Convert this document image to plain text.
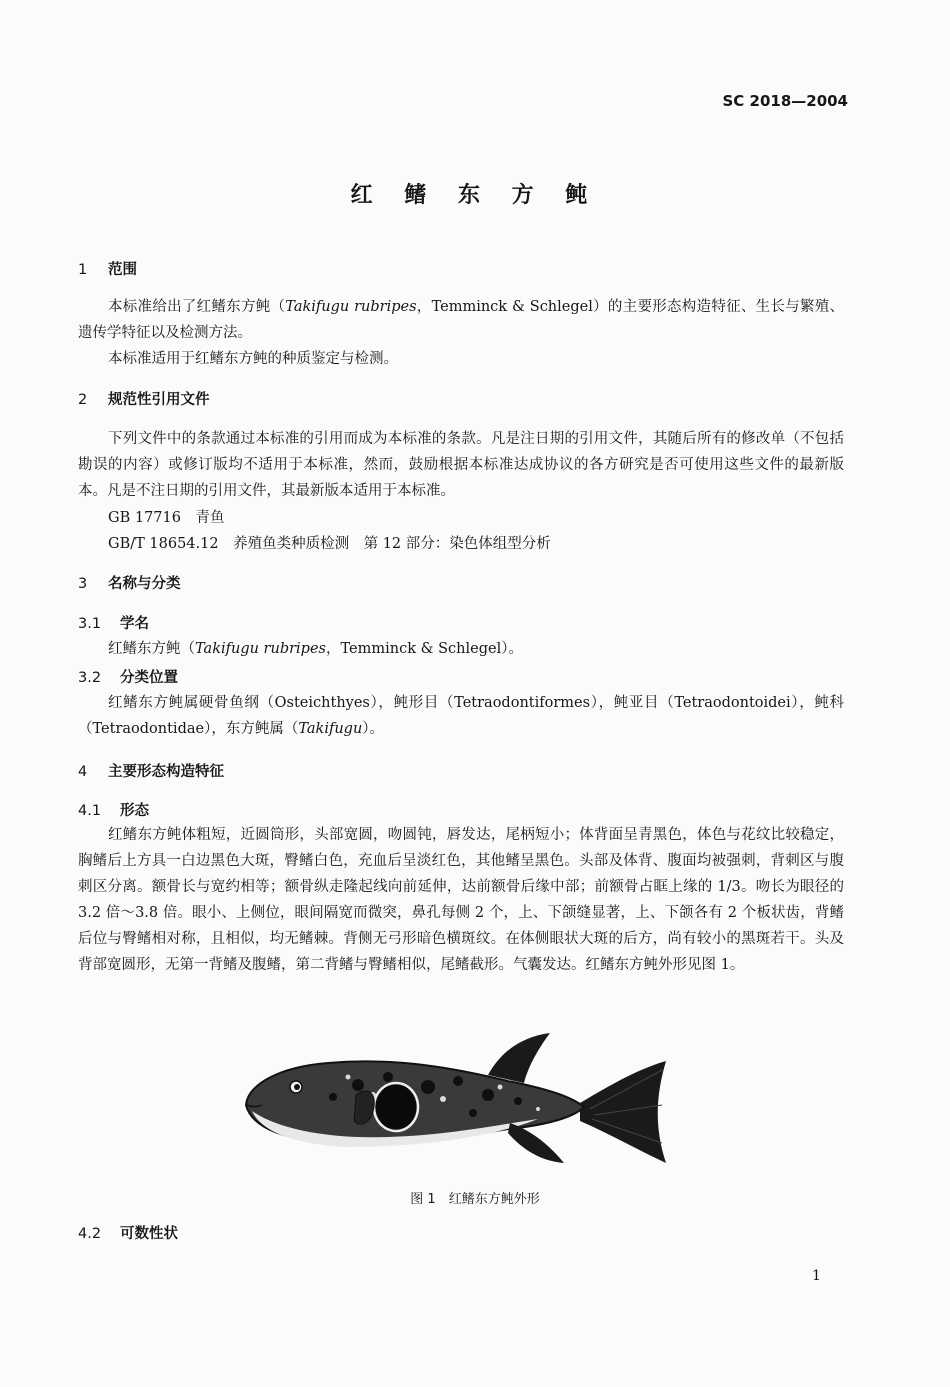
SC 2018—2004
红 鳍 东 方 鲀
1 范围
本标准给出了红鳍东方鲀（Takifugu rubripes，Temminck & Schlegel）的主要形态构造特征、生长与繁殖、遗传学特征以及检测方法。
本标准适用于红鳍东方鲀的种质鉴定与检测。
2 规范性引用文件
下列文件中的条款通过本标准的引用而成为本标准的条款。凡是注日期的引用文件，其随后所有的修改单（不包括勘误的内容）或修订版均不适用于本标准，然而，鼓励根据本标准达成协议的各方研究是否可使用这些文件的最新版本。凡是不注日期的引用文件，其最新版本适用于本标准。
GB 17716　 青鱼
GB/T 18654.12　 养殖鱼类种质检测　第 12 部分：染色体组型分析
3 名称与分类
3.1 学名
红鳍东方鲀（Takifugu rubripes，Temminck & Schlegel）。
3.2 分类位置
红鳍东方鲀属硬骨鱼纲（Osteichthyes），鲀形目（Tetraodontiformes），鲀亚目（Tetraodontoidei），鲀科（Tetraodontidae），东方鲀属（Takifugu）。
4 主要形态构造特征
4.1 形态
红鳍东方鲀体粗短，近圆筒形，头部宽圆，吻圆钝，唇发达，尾柄短小；体背面呈青黑色，体色与花纹比较稳定，胸鳍后上方具一白边黑色大斑，臀鳍白色，充血后呈淡红色，其他鳍呈黑色。头部及体背、腹面均被强刺，背刺区与腹刺区分离。额骨长与宽约相等；额骨纵走隆起线向前延伸，达前额骨后缘中部；前额骨占眶上缘的 1/3。吻长为眼径的 3.2 倍～3.8 倍。眼小、上侧位，眼间隔宽而微突，鼻孔每侧 2 个，上、下颌缝显著，上、下颌各有 2 个板状齿，背鳍后位与臀鳍相对称，且相似，均无鳍棘。背侧无弓形暗色横斑纹。在体侧眼状大斑的后方，尚有较小的黑斑若干。头及背部宽圆形，无第一背鳍及腹鳍，第二背鳍与臀鳍相似，尾鳍截形。气囊发达。红鳍东方鲀外形见图 1。
图 1　红鳍东方鲀外形
4.2 可数性状
1
